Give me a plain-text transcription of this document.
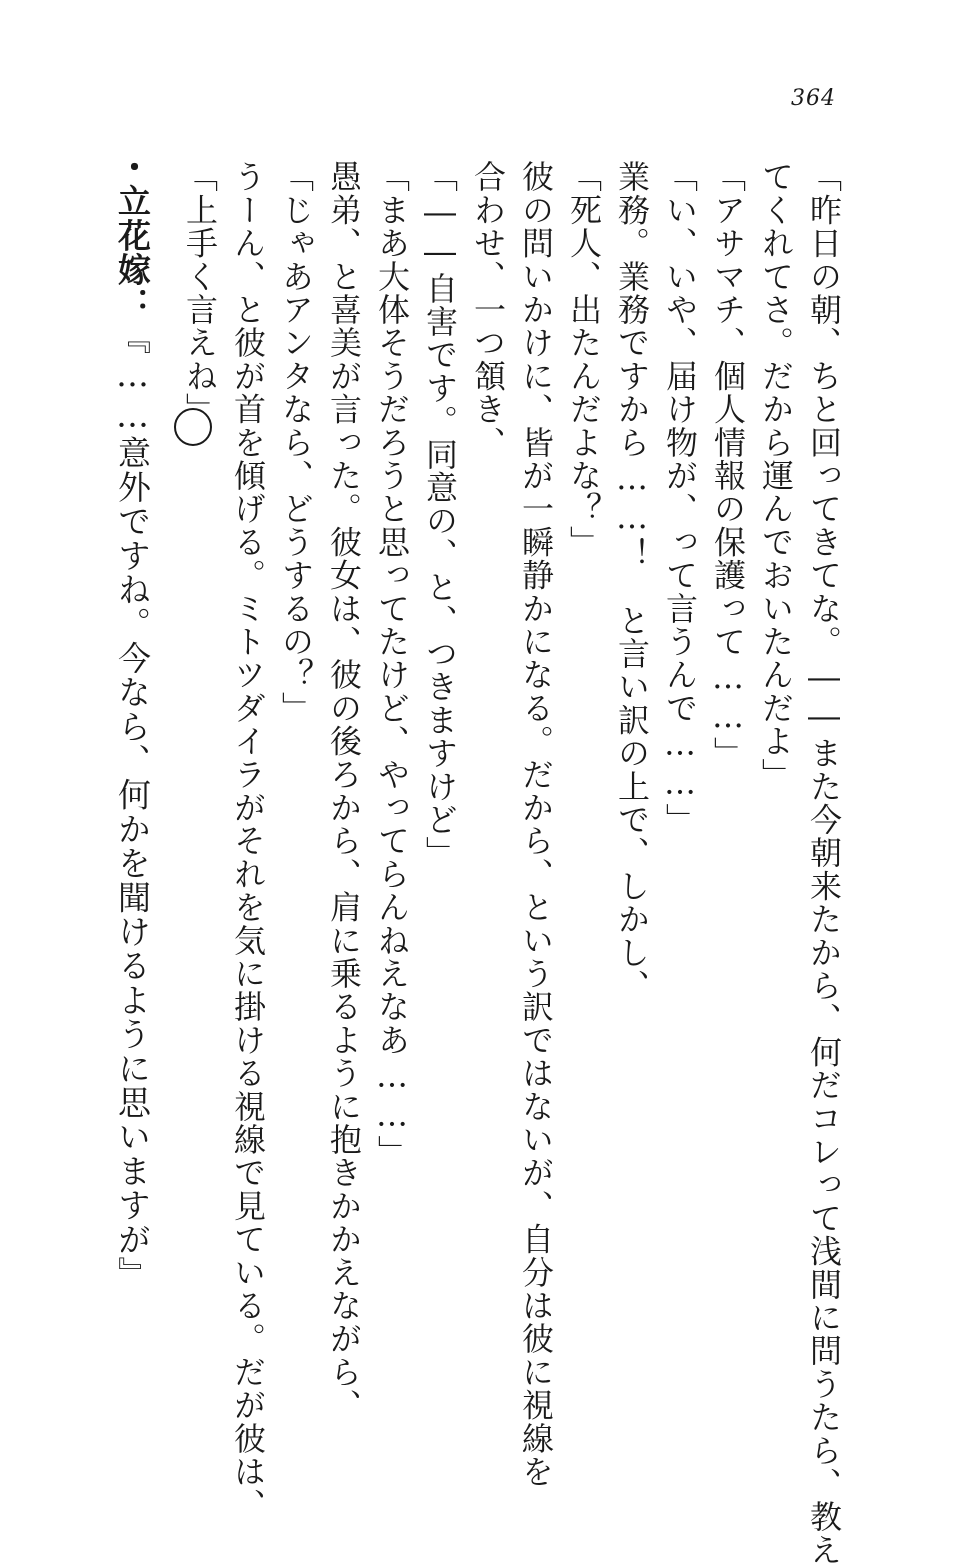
364
「昨日の朝、ちと回ってきてな。――また今朝来たから、何だコレって浅間に問うたら、教え
てくれてさ。だから運んでおいたんだよ」
「アサマチ、個人情報の保護って……」
「い、いや、届け物が、って言うんで……」
業務。業務ですから……！　と言い訳の上で、しかし、
「死人、出たんだよな？」
彼の問いかけに、皆が一瞬静かになる。だから、という訳ではないが、自分は彼に視線を
合わせ、一つ頷き、
「――自害です。同意の、と、つきますけど」
「まあ大体そうだろうと思ってたけど、やってらんねえなあ……」
愚弟、と喜美が言った。彼女は、彼の後ろから、肩に乗るように抱きかかえながら、
「じゃあアンタなら、どうするの？」
うーん、と彼が首を傾げる。ミトツダイラがそれを気に掛ける視線で見ている。だが彼は、
「上手く言えね」
・立花嫁：『……意外ですね。今なら、何かを聞けるように思いますが』
